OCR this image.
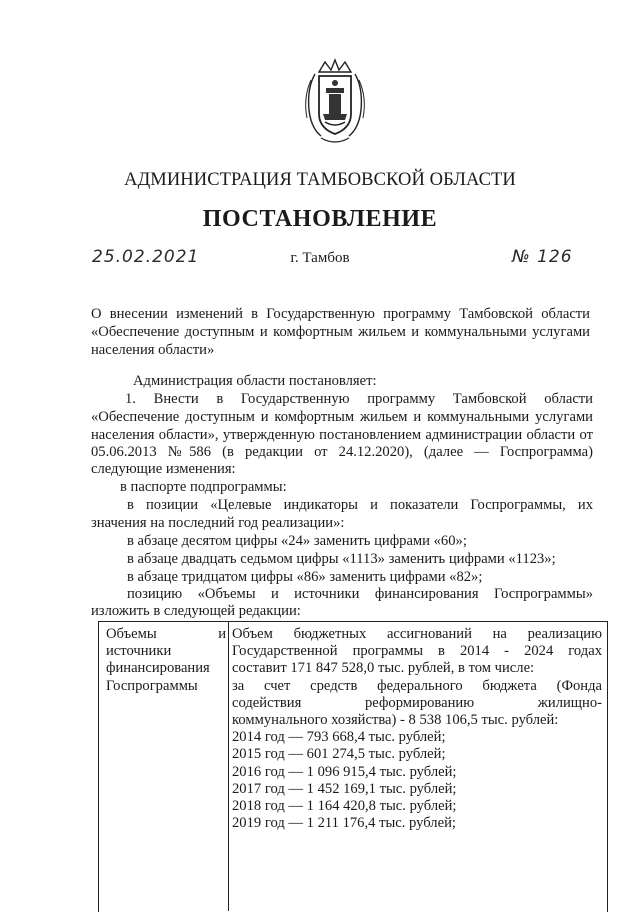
АДМИНИСТРАЦИЯ ТАМБОВСКОЙ ОБЛАСТИ
ПОСТАНОВЛЕНИЕ
25.02.2021	г. Тамбов	№ 126
О внесении изменений в Государственную программу Тамбовской области
«Обеспечение доступным и комфортным жильем и коммунальными услугами
населения области»
Администрация области постановляет:
1. Внести в Государственную программу Тамбовской области
«Обеспечение доступным и комфортным жильем и коммунальными услугами
населения области», утвержденную постановлением администрации области от
05.06.2013 №586 (в редакции от 24.12.2020), (далее — Госпрограмма)
следующие изменения:
в паспорте подпрограммы:
в позиции «Целевые индикаторы и показатели Госпрограммы, их
значения на последний год реализации»:
в абзаце десятом цифры «24» заменить цифрами «60»;
в абзаце двадцать седьмом цифры «1113» заменить цифрами «1123»;
в абзаце тридцатом цифры «86» заменить цифрами «82»;
позицию «Объемы и источники финансирования Госпрограммы»
изложить в следующей редакции:
Объемы и
источники
финансирования
Госпрограммы
Объем бюджетных ассигнований на реализацию
Государственной программы в 2014 - 2024 годах
составит 171 847 528,0 тыс. рублей, в том числе:
за счет средств федерального бюджета (Фонда
содействия реформированию жилищно-
коммунального хозяйства) - 8 538 106,5 тыс. рублей:
2014 год — 793 668,4 тыс. рублей;
2015 год — 601 274,5 тыс. рублей;
2016 год — 1 096 915,4 тыс. рублей;
2017 год — 1 452 169,1 тыс. рублей;
2018 год — 1 164 420,8 тыс. рублей;
2019 год — 1 211 176,4 тыс. рублей;
